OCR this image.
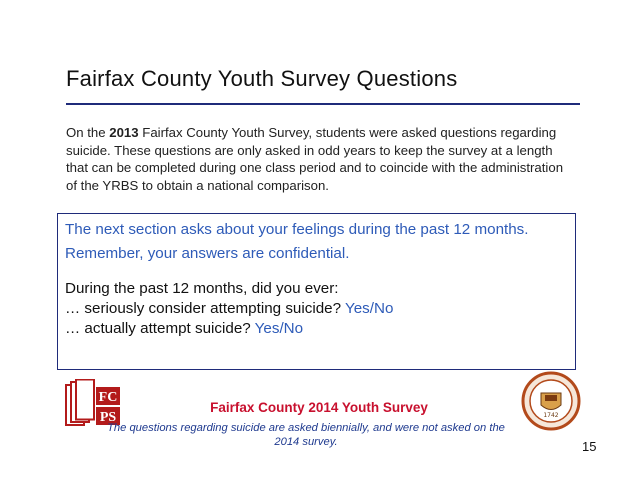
Fairfax County Youth Survey Questions
On the 2013 Fairfax County Youth Survey, students were asked questions regarding suicide. These questions are only asked in odd years to keep the survey at a length that can be completed during one class period and to coincide with the administration of the YRBS to obtain a national comparison.

The next section asks about your feelings during the past 12 months.

Remember, your answers are confidential.

During the past 12 months, did you ever:

… seriously consider attempting suicide? Yes/No

… actually attempt suicide? Yes/No

FC
PS	1742
Fairfax County 2014 Youth Survey
The questions regarding suicide are asked biennially, and were not asked on the 2014 survey.	15
